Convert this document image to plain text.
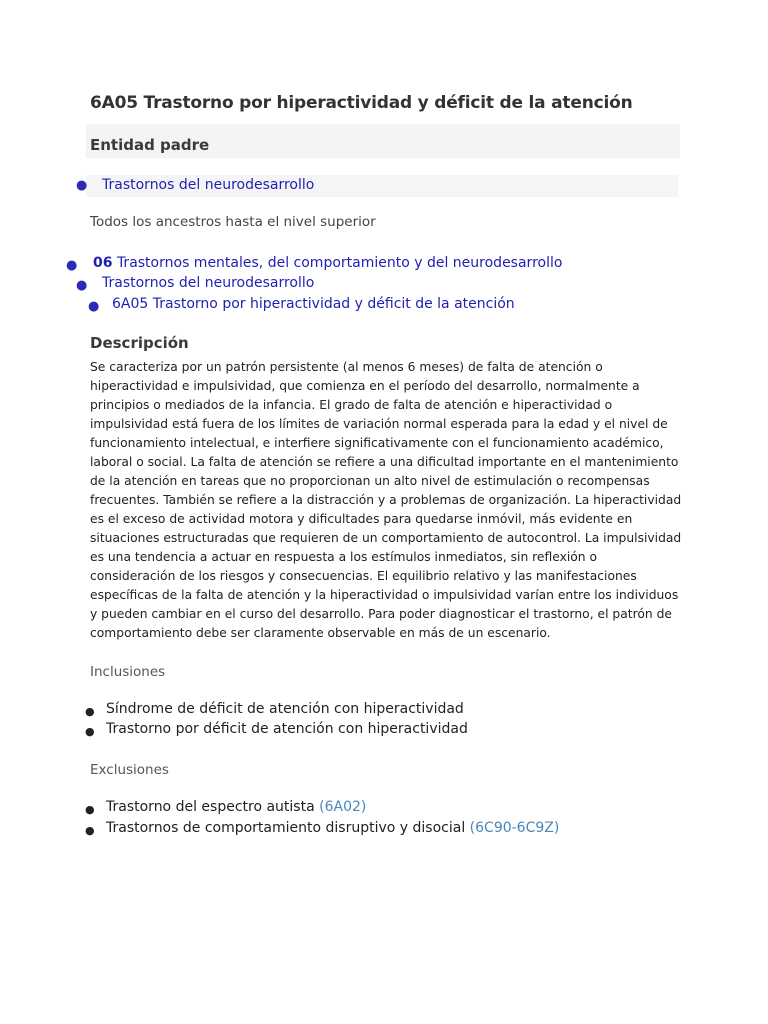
6A05 Trastorno por hiperactividad y déficit de la atención
Entidad padre
● Trastornos del neurodesarrollo
Todos los ancestros hasta el nivel superior
● 06 Trastornos mentales, del comportamiento y del neurodesarrollo
● Trastornos del neurodesarrollo
● 6A05 Trastorno por hiperactividad y déficit de la atención
Descripción

Se caracteriza por un patrón persistente (al menos 6 meses) de falta de atención o hiperactividad e impulsividad, que comienza en el período del desarrollo, normalmente a principios o mediados de la infancia. El grado de falta de atención e hiperactividad o impulsividad está fuera de los límites de variación normal esperada para la edad y el nivel de funcionamiento intelectual, e interfiere significativamente con el funcionamiento académico, laboral o social. La falta de atención se refiere a una dificultad importante en el mantenimiento de la atención en tareas que no proporcionan un alto nivel de estimulación o recompensas frecuentes. También se refiere a la distracción y a problemas de organización. La hiperactividad es el exceso de actividad motora y dificultades para quedarse inmóvil, más evidente en situaciones estructuradas que requieren de un comportamiento de autocontrol. La impulsividad es una tendencia a actuar en respuesta a los estímulos inmediatos, sin reflexión o consideración de los riesgos y consecuencias. El equilibrio relativo y las manifestaciones específicas de la falta de atención y la hiperactividad o impulsividad varían entre los individuos y pueden cambiar en el curso del desarrollo. Para poder diagnosticar el trastorno, el patrón de comportamiento debe ser claramente observable en más de un escenario.

Inclusiones
● Síndrome de déficit de atención con hiperactividad
● Trastorno por déficit de atención con hiperactividad
Exclusiones
● Trastorno del espectro autista (6A02)
● Trastornos de comportamiento disruptivo y disocial (6C90-6C9Z)
